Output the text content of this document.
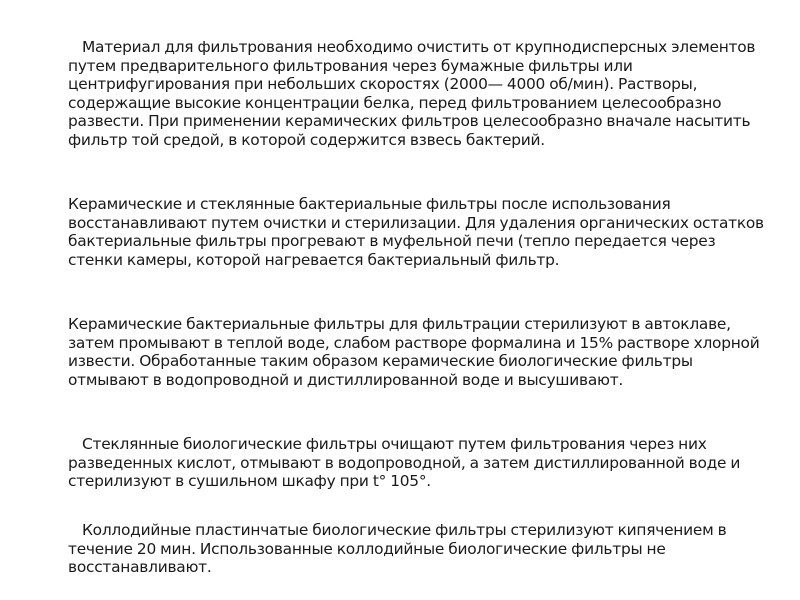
Материал для фильтрования необходимо очистить от крупнодисперсных элементов путем предварительного фильтрования через бумажные фильтры или центрифугирования при небольших скоростях (2000— 4000 об/мин). Растворы, содержащие высокие концентрации белка, перед фильтрованием целесообразно развести. При применении керамических фильтров целесообразно вначале насытить фильтр той средой, в которой содержится взвесь бактерий.

Керамические и стеклянные бактериальные фильтры после использования восстанавливают путем очистки и стерилизации. Для удаления органических остатков бактериальные фильтры прогревают в муфельной печи (тепло передается через стенки камеры, которой нагревается бактериальный фильтр.

Керамические бактериальные фильтры для фильтрации стерилизуют в автоклаве, затем промывают в теплой воде, слабом растворе формалина и 15% растворе хлорной извести. Обработанные таким образом керамические биологические фильтры отмывают в водопроводной и дистиллированной воде и высушивают.

Стеклянные биологические фильтры очищают путем фильтрования через них разведенных кислот, отмывают в водопроводной, а затем дистиллированной воде и стерилизуют в сушильном шкафу при t° 105°.

Коллодийные пластинчатые биологические фильтры стерилизуют кипячением в течение 20 мин. Использованные коллодийные биологические фильтры не восстанавливают.
